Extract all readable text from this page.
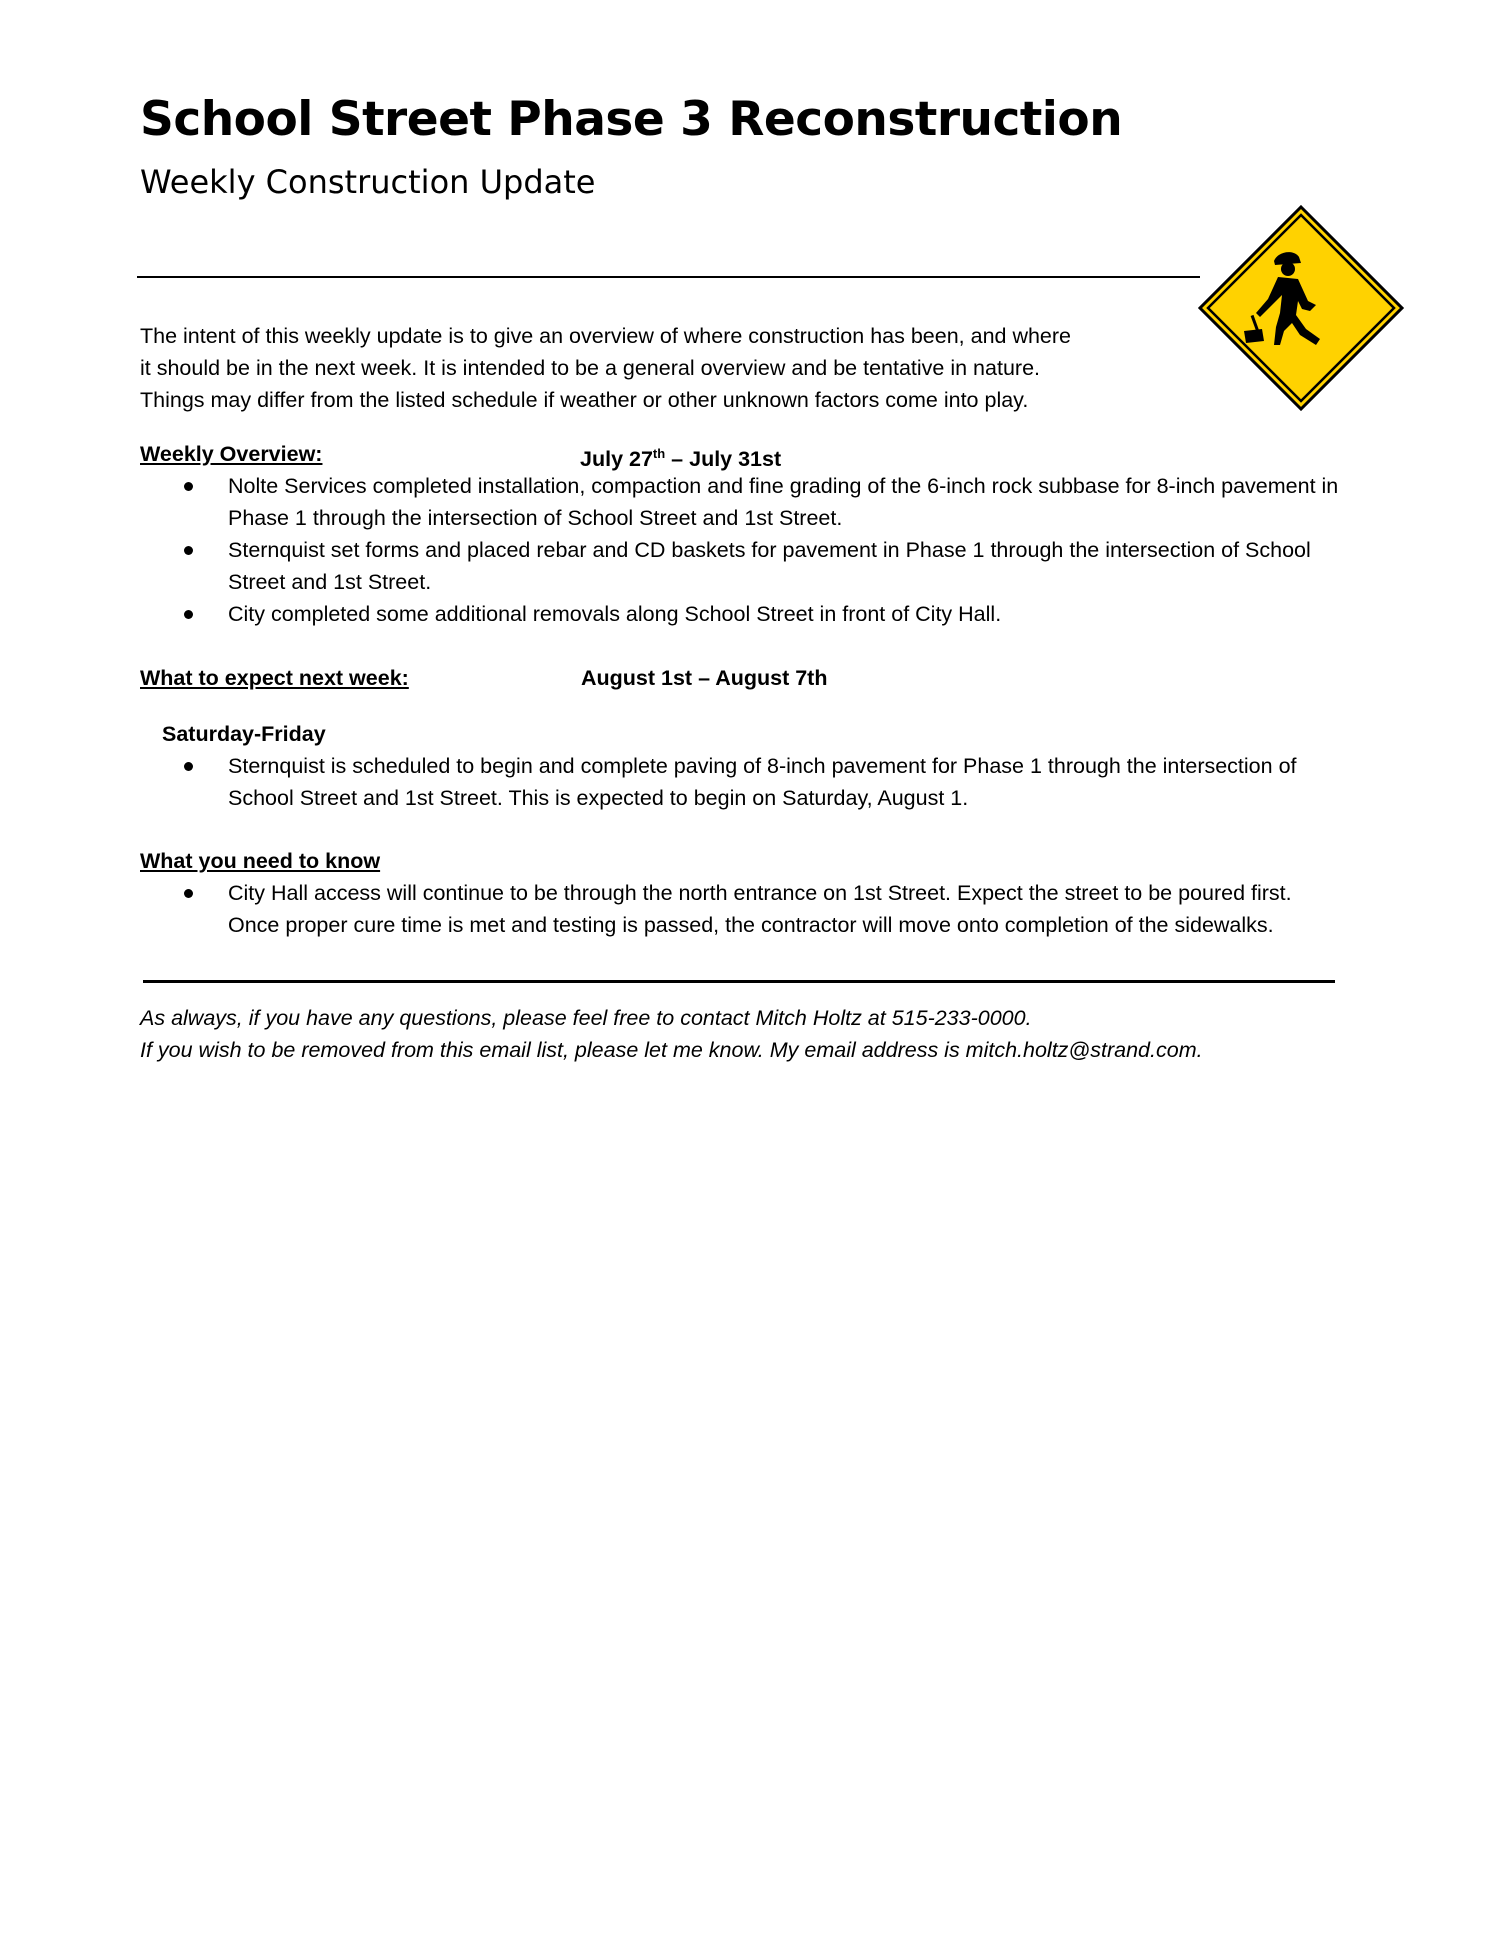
School Street Phase 3 Reconstruction
Weekly Construction Update

The intent of this weekly update is to give an overview of where construction has been, and where

it should be in the next week. It is intended to be a general overview and be tentative in nature.

Things may differ from the listed schedule if weather or other unknown factors come into play.

Weekly Overview:	July 27th – July 31st
Nolte Services completed installation, compaction and fine grading of the 6-inch rock subbase for 8-inch pavement in Phase 1 through the intersection of School Street and 1st Street.
Sternquist set forms and placed rebar and CD baskets for pavement in Phase 1 through the intersection of School Street and 1st Street.
City completed some additional removals along School Street in front of City Hall.
What to expect next week:	August 1st – August 7th
Saturday-Friday
Sternquist is scheduled to begin and complete paving of 8-inch pavement for Phase 1 through the intersection of School Street and 1st Street. This is expected to begin on Saturday, August 1.
What you need to know
City Hall access will continue to be through the north entrance on 1st Street. Expect the street to be poured first. Once proper cure time is met and testing is passed, the contractor will move onto completion of the sidewalks.

As always, if you have any questions, please feel free to contact Mitch Holtz at 515-233-0000.

If you wish to be removed from this email list, please let me know. My email address is mitch.holtz@strand.com.
